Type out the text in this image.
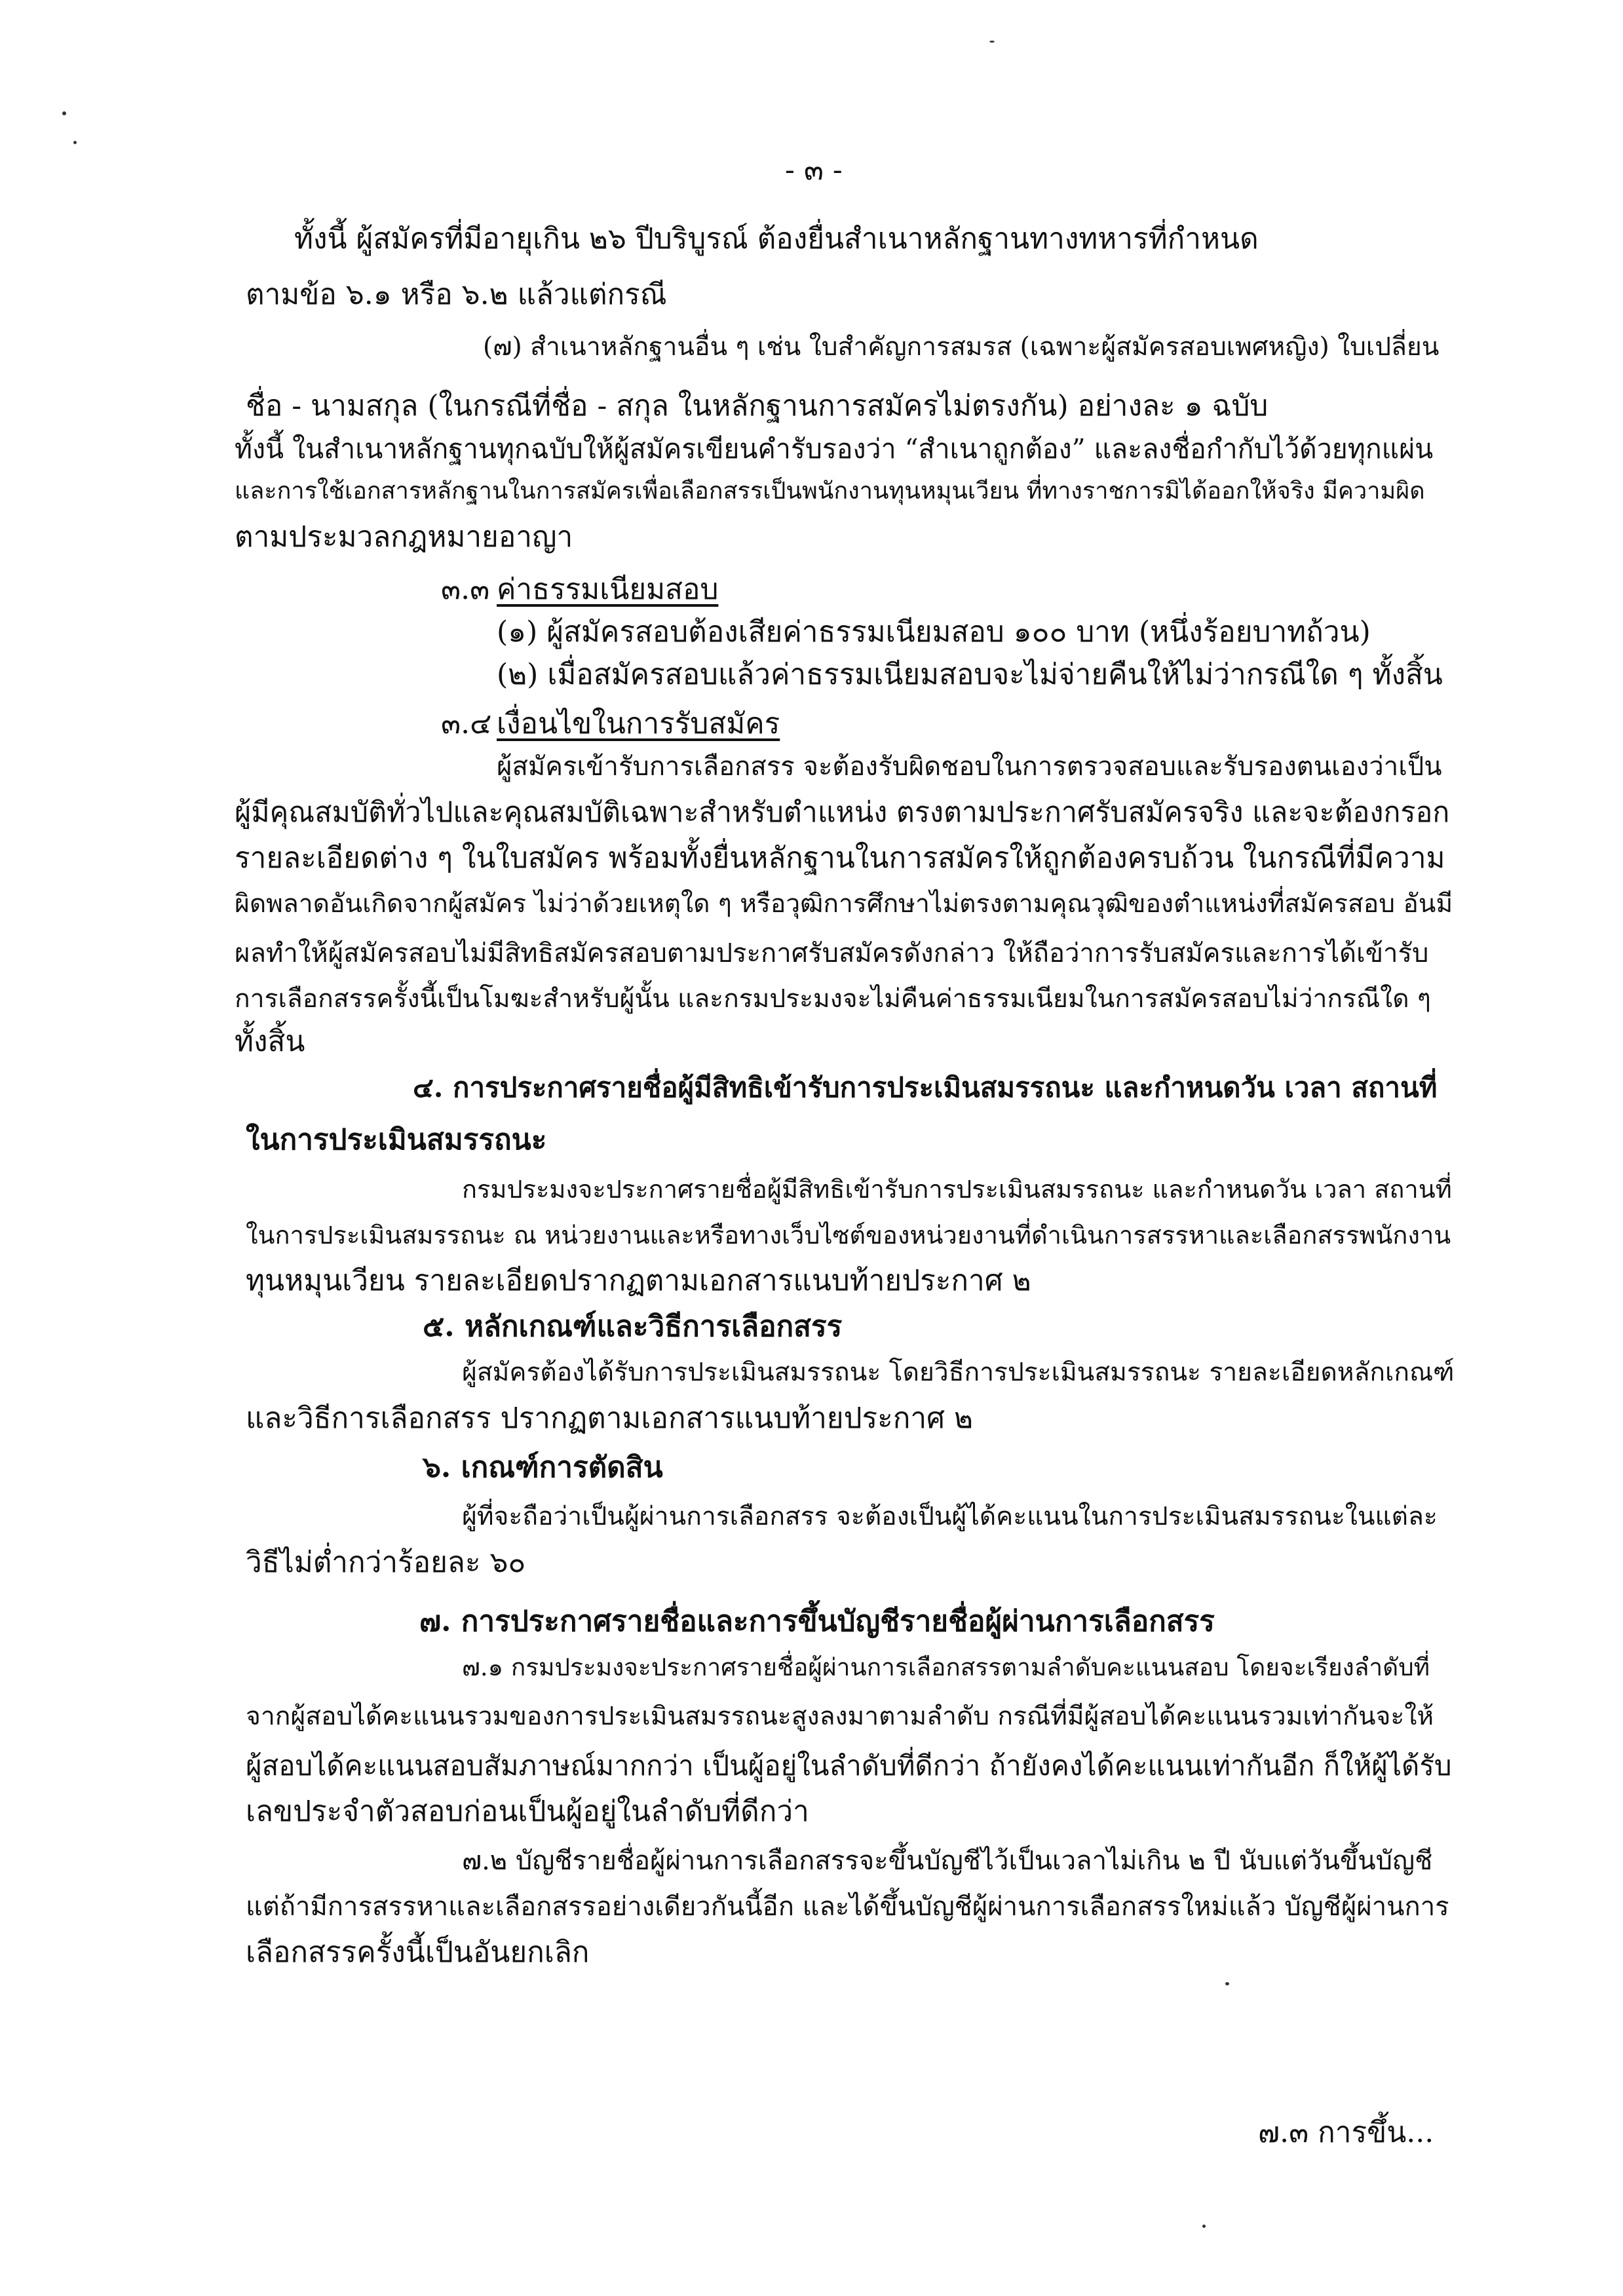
- ๓ -
ทั้งนี้ ผู้สมัครที่มีอายุเกิน ๒๖ ปีบริบูรณ์ ต้องยื่นสำเนาหลักฐานทางทหารที่กำหนด
ตามข้อ ๖.๑ หรือ ๖.๒ แล้วแต่กรณี
(๗) สำเนาหลักฐานอื่น ๆ เช่น ใบสำคัญการสมรส (เฉพาะผู้สมัครสอบเพศหญิง) ใบเปลี่ยน
ชื่อ - นามสกุล (ในกรณีที่ชื่อ - สกุล ในหลักฐานการสมัครไม่ตรงกัน) อย่างละ ๑ ฉบับ
ทั้งนี้ ในสำเนาหลักฐานทุกฉบับให้ผู้สมัครเขียนคำรับรองว่า “สำเนาถูกต้อง” และลงชื่อกำกับไว้ด้วยทุกแผ่น
และการใช้เอกสารหลักฐานในการสมัครเพื่อเลือกสรรเป็นพนักงานทุนหมุนเวียน ที่ทางราชการมิได้ออกให้จริง มีความผิด
ตามประมวลกฎหมายอาญา
๓.๓ ค่าธรรมเนียมสอบ
(๑) ผู้สมัครสอบต้องเสียค่าธรรมเนียมสอบ ๑๐๐ บาท (หนึ่งร้อยบาทถ้วน)
(๒) เมื่อสมัครสอบแล้วค่าธรรมเนียมสอบจะไม่จ่ายคืนให้ไม่ว่ากรณีใด ๆ ทั้งสิ้น
๓.๔ เงื่อนไขในการรับสมัคร
ผู้สมัครเข้ารับการเลือกสรร จะต้องรับผิดชอบในการตรวจสอบและรับรองตนเองว่าเป็น
ผู้มีคุณสมบัติทั่วไปและคุณสมบัติเฉพาะสำหรับตำแหน่ง ตรงตามประกาศรับสมัครจริง และจะต้องกรอก
รายละเอียดต่าง ๆ ในใบสมัคร พร้อมทั้งยื่นหลักฐานในการสมัครให้ถูกต้องครบถ้วน ในกรณีที่มีความ
ผิดพลาดอันเกิดจากผู้สมัคร ไม่ว่าด้วยเหตุใด ๆ หรือวุฒิการศึกษาไม่ตรงตามคุณวุฒิของตำแหน่งที่สมัครสอบ อันมี
ผลทำให้ผู้สมัครสอบไม่มีสิทธิสมัครสอบตามประกาศรับสมัครดังกล่าว ให้ถือว่าการรับสมัครและการได้เข้ารับ
การเลือกสรรครั้งนี้เป็นโมฆะสำหรับผู้นั้น และกรมประมงจะไม่คืนค่าธรรมเนียมในการสมัครสอบไม่ว่ากรณีใด ๆ
ทั้งสิ้น
๔. การประกาศรายชื่อผู้มีสิทธิเข้ารับการประเมินสมรรถนะ และกำหนดวัน เวลา สถานที่
ในการประเมินสมรรถนะ
กรมประมงจะประกาศรายชื่อผู้มีสิทธิเข้ารับการประเมินสมรรถนะ และกำหนดวัน เวลา สถานที่
ในการประเมินสมรรถนะ ณ หน่วยงานและหรือทางเว็บไซต์ของหน่วยงานที่ดำเนินการสรรหาและเลือกสรรพนักงาน
ทุนหมุนเวียน รายละเอียดปรากฏตามเอกสารแนบท้ายประกาศ ๒
๕. หลักเกณฑ์และวิธีการเลือกสรร
ผู้สมัครต้องได้รับการประเมินสมรรถนะ โดยวิธีการประเมินสมรรถนะ รายละเอียดหลักเกณฑ์
และวิธีการเลือกสรร ปรากฏตามเอกสารแนบท้ายประกาศ ๒
๖. เกณฑ์การตัดสิน
ผู้ที่จะถือว่าเป็นผู้ผ่านการเลือกสรร จะต้องเป็นผู้ได้คะแนนในการประเมินสมรรถนะในแต่ละ
วิธีไม่ต่ำกว่าร้อยละ ๖๐
๗. การประกาศรายชื่อและการขึ้นบัญชีรายชื่อผู้ผ่านการเลือกสรร
๗.๑ กรมประมงจะประกาศรายชื่อผู้ผ่านการเลือกสรรตามลำดับคะแนนสอบ โดยจะเรียงลำดับที่
จากผู้สอบได้คะแนนรวมของการประเมินสมรรถนะสูงลงมาตามลำดับ กรณีที่มีผู้สอบได้คะแนนรวมเท่ากันจะให้
ผู้สอบได้คะแนนสอบสัมภาษณ์มากกว่า เป็นผู้อยู่ในลำดับที่ดีกว่า ถ้ายังคงได้คะแนนเท่ากันอีก ก็ให้ผู้ได้รับ
เลขประจำตัวสอบก่อนเป็นผู้อยู่ในลำดับที่ดีกว่า
๗.๒ บัญชีรายชื่อผู้ผ่านการเลือกสรรจะขึ้นบัญชีไว้เป็นเวลาไม่เกิน ๒ ปี นับแต่วันขึ้นบัญชี
แต่ถ้ามีการสรรหาและเลือกสรรอย่างเดียวกันนี้อีก และได้ขึ้นบัญชีผู้ผ่านการเลือกสรรใหม่แล้ว บัญชีผู้ผ่านการ
เลือกสรรครั้งนี้เป็นอันยกเลิก
๗.๓ การขึ้น...
